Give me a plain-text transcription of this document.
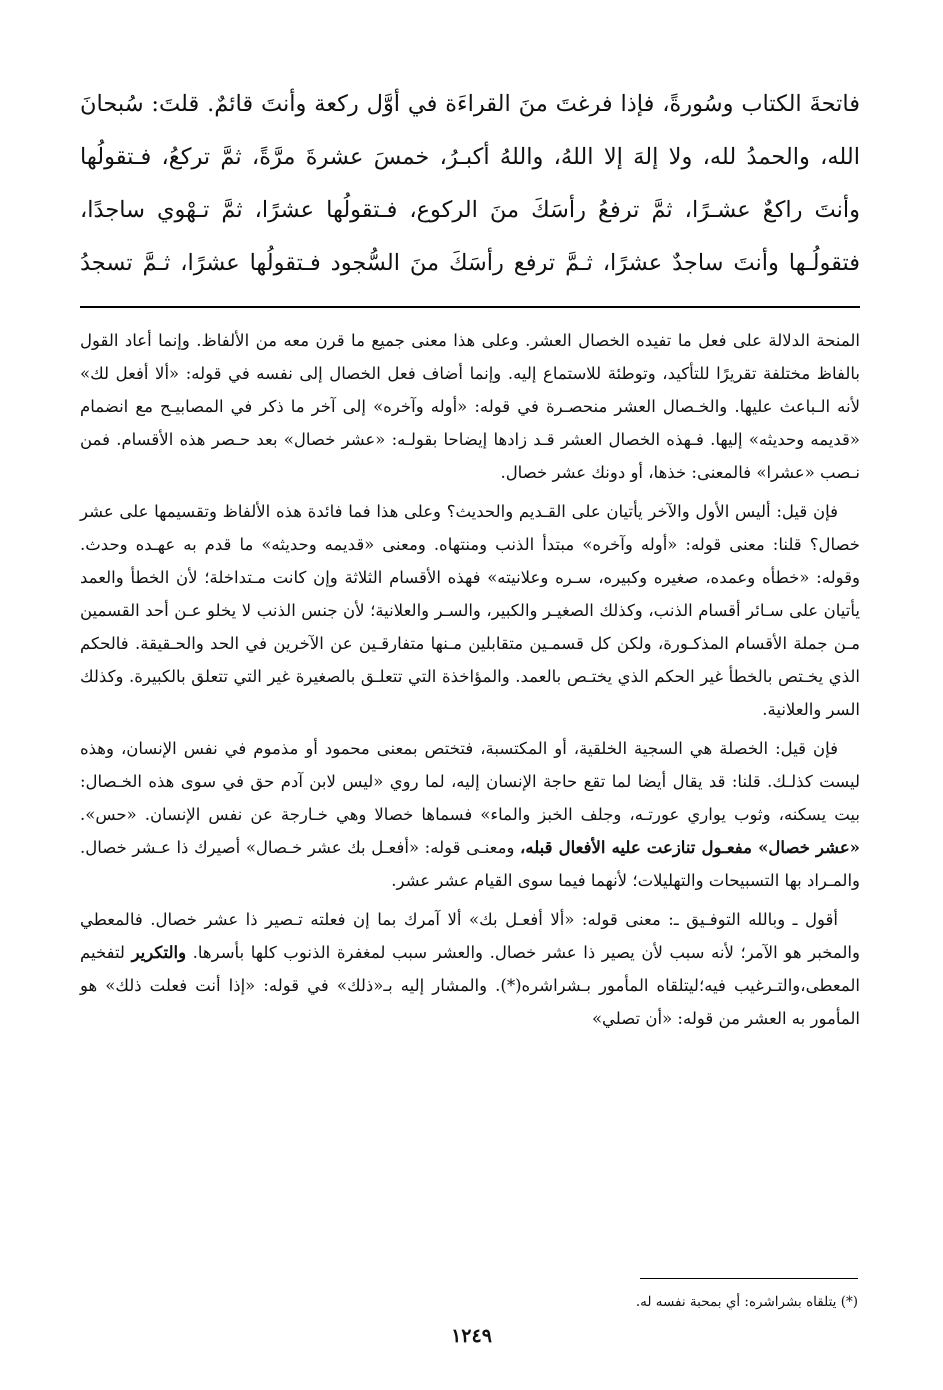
فاتحةَ الكتاب وسُورةً، فإذا فرغتَ منَ القراءَة في أوَّل ركعة وأنتَ قائمٌ. قلتَ: سُبحانَ

الله، والحمدُ لله، ولا إلهَ إلا اللهُ، واللهُ أكبـرُ، خمسَ عشرةَ مرَّةً، ثمَّ تركعُ، فـتقولُها

وأنتَ راكعٌ عشـرًا، ثمَّ ترفعُ رأسَكَ منَ الركوع، فـتقولُها عشرًا، ثمَّ تـهْوي ساجدًا،

فتقولُـها وأنتَ ساجدٌ عشرًا، ثـمَّ ترفع رأسَكَ منَ السُّجود فـتقولُها عشرًا، ثـمَّ تسجدُ

المنحة الدلالة على فعل ما تفيده الخصال العشر. وعلى هذا معنى جميع ما قرن معه من الألفاظ. وإنما أعاد القول بالفاظ مختلفة تقريرًا للتأكيد، وتوطئة للاستماع إليه. وإنما أضاف فعل الخصال إلى نفسه في قوله: «ألا أفعل لك» لأنه الـباعث عليها. والخـصال العشر منحصـرة في قوله: «أوله وآخره» إلى آخر ما ذكر في المصابيـح مع انضمام «قديمه وحديثه» إليها. فـهذه الخصال العشر قـد زادها إيضاحا بقولـه: «عشر خصال» بعد حـصر هذه الأقسام. فمن نـصب «عشرا» فالمعنى: خذها، أو دونك عشر خصال.

فإن قيل: أليس الأول والآخر يأتيان على القـديم والحديث؟ وعلى هذا فما فائدة هذه الألفاظ وتقسيمها على عشر خصال؟ قلنا: معنى قوله: «أوله وآخره» مبتدأ الذنب ومنتهاه. ومعنى «قديمه وحديثه» ما قدم به عهـده وحدث. وقوله: «خطأه وعمده، صغيره وكبيره، سـره وعلانيته» فهذه الأقسام الثلاثة وإن كانت مـتداخلة؛ لأن الخطأ والعمد يأتيان على سـائر أقسام الذنب، وكذلك الصغيـر والكبير، والسـر والعلانية؛ لأن جنس الذنب لا يخلو عـن أحد القسمين مـن جملة الأقسام المذكـورة، ولكن كل قسمـين متقابلين مـنها متفارقـين عن الآخرين في الحد والحـقيقة. فالحكم الذي يخـتص بالخطأ غير الحكم الذي يختـص بالعمد. والمؤاخذة التي تتعلـق بالصغيرة غير التي تتعلق بالكبيرة. وكذلك السر والعلانية.

فإن قيل: الخصلة هي السجية الخلقية، أو المكتسبة، فتختص بمعنى محمود أو مذموم في نفس الإنسان، وهذه ليست كذلـك. قلنا: قد يقال أيضا لما تقع حاجة الإنسان إليه، لما روي «ليس لابن آدم حق في سوى هذه الخـصال: بيت يسكنه، وثوب يواري عورتـه، وجلف الخبز والماء» فسماها خصالا وهي خـارجة عن نفس الإنسان. «حس». «عشر خصال» مفعـول تنازعت عليه الأفعال قبله، ومعنـى قوله: «أفعـل بك عشر خـصال» أصيرك ذا عـشر خصال. والمـراد بها التسبيحات والتهليلات؛ لأنهما فيما سوى القيام عشر عشر.

أقول ـ وبالله التوفـيق ـ: معنى قوله: «ألا أفعـل بك» ألا آمرك بما إن فعلته تـصير ذا عشر خصال. فالمعطي والمخبر هو الآمر؛ لأنه سبب لأن يصير ذا عشر خصال. والعشر سبب لمغفرة الذنوب كلها بأسرها. والتكرير لتفخيم المعطى،والتـرغيب فيه؛ليتلقاه المأمور بـشراشره(*). والمشار إليه بـ«ذلك» في قوله: «إذا أنت فعلت ذلك» هو المأمور به العشر من قوله: «أن تصلي»

(*) يتلقاه بشراشره: أي بمحبة نفسه له.
١٢٤٩
